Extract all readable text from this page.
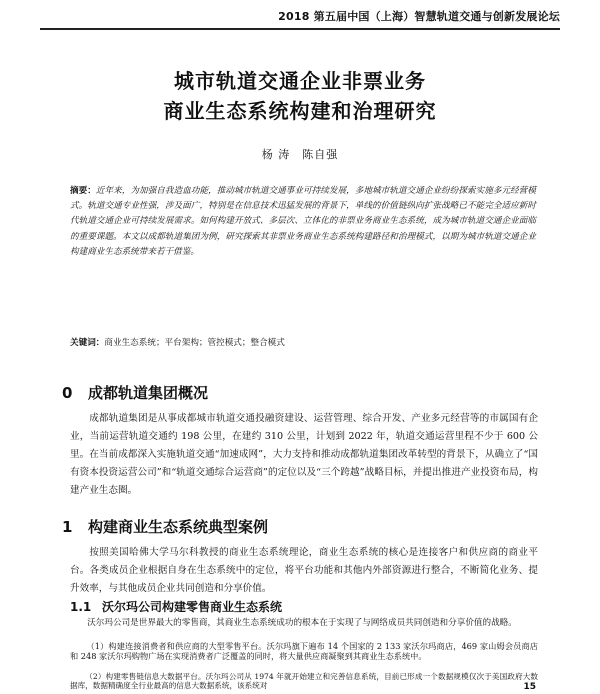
2018 第五届中国（上海）智慧轨道交通与创新发展论坛
城市轨道交通企业非票业务
商业生态系统构建和治理研究
杨 涛　陈自强
摘要：近年来，为加强自我造血功能，推动城市轨道交通事业可持续发展，多地城市轨道交通企业纷纷探索实施多元经营模式。轨道交通专业性强，涉及面广，特别是在信息技术迅猛发展的背景下，单线的价值链纵向扩张战略已不能完全适应新时代轨道交通企业可持续发展需求。如何构建开放式、多层次、立体化的非票业务商业生态系统，成为城市轨道交通企业面临的重要课题。本文以成都轨道集团为例，研究探索其非票业务商业生态系统构建路径和治理模式，以期为城市轨道交通企业构建商业生态系统带来若干借鉴。
关键词：商业生态系统；平台架构；管控模式；整合模式
0 成都轨道集团概况

成都轨道集团是从事成都城市轨道交通投融资建设、运营管理、综合开发、产业多元经营等的市属国有企业，当前运营轨道交通约 198 公里，在建约 310 公里，计划到 2022 年，轨道交通运营里程不少于 600 公里。在当前成都深入实施轨道交通“加速成网”，大力支持和推动成都轨道集团改革转型的背景下，从确立了“国有资本投资运营公司”和“轨道交通综合运营商”的定位以及“三个跨越”战略目标，并提出推进产业投资布局，构建产业生态圈。

1 构建商业生态系统典型案例

按照美国哈佛大学马尔科教授的商业生态系统理论，商业生态系统的核心是连接客户和供应商的商业平台。各类成员企业根据自身在生态系统中的定位，将平台功能和其他内外部资源进行整合，不断简化业务、提升效率，与其他成员企业共同创造和分享价值。

1.1 沃尔玛公司构建零售商业生态系统

沃尔玛公司是世界最大的零售商，其商业生态系统成功的根本在于实现了与网络成员共同创造和分享价值的战略。

（1）构建连接消费者和供应商的大型零售平台。沃尔玛旗下遍布 14 个国家的 2 133 家沃尔玛商店，469 家山姆会员商店和 248 家沃尔玛购物广场在实现消费者广泛覆盖的同时，将大量供应商凝聚到其商业生态系统中。

（2）构建零售链信息大数据平台。沃尔玛公司从 1974 年就开始建立和完善信息系统，目前已形成一个数据规模仅次于美国政府大数据库，数据精确度全行业最高的信息大数据系统，该系统对	15
